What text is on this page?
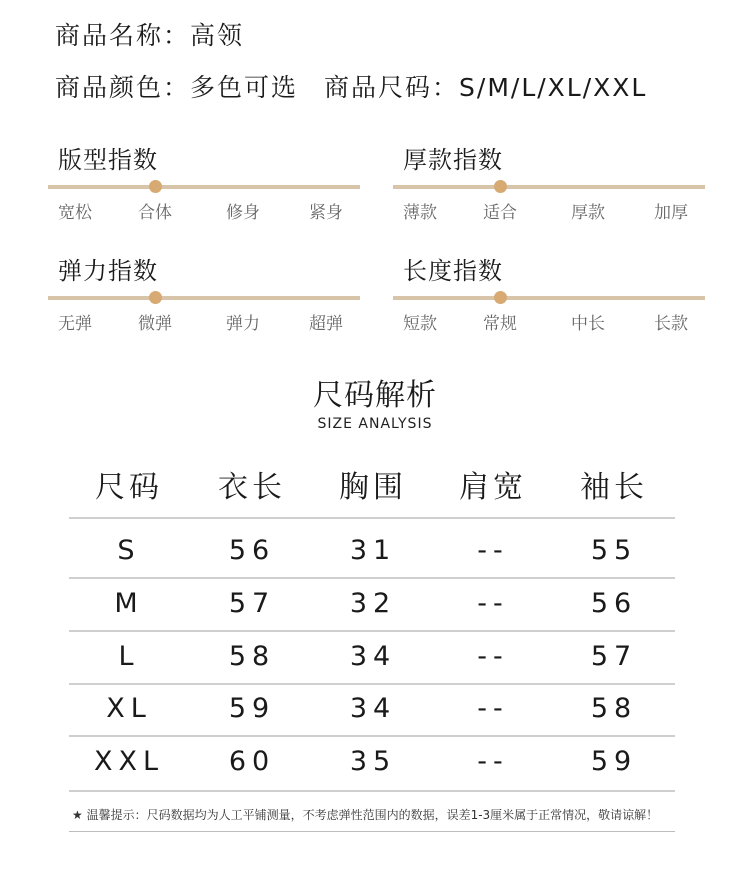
商品名称：高领
商品颜色：多色可选 商品尺码：S/M/L/XL/XXL
版型指数
宽松	合体	修身	紧身
厚款指数
薄款	适合	厚款	加厚
弹力指数
无弹	微弹	弹力	超弹
长度指数
短款	常规	中长	长款
尺码解析
SIZE ANALYSIS
尺码 衣长 胸围 肩宽 袖长
S	56	31	--	55
M	57	32	--	56
L	58	34	--	57
XL	59	34	--	58
XXL 60	35	--	59
★ 温馨提示：尺码数据均为人工平铺测量，不考虑弹性范围内的数据，误差1-3厘米属于正常情况，敬请谅解！
